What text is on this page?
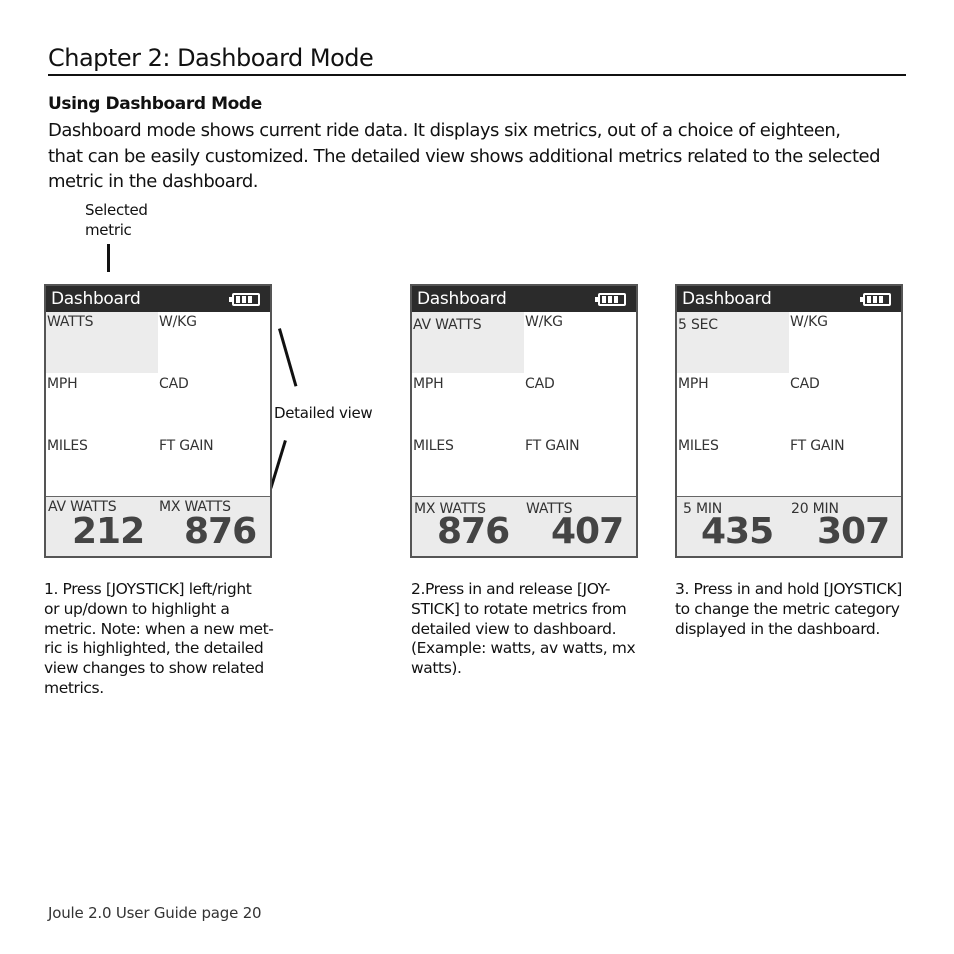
Chapter 2: Dashboard Mode
Using Dashboard Mode
Dashboard mode shows current ride data. It displays six metrics, out of a choice of eighteen,
that can be easily customized. The detailed view shows additional metrics related to the selected
metric in the dashboard.
Selected
metric
Detailed view
Dashboard
WATTS	W/KG
MPH	CAD
MILES	FT GAIN
AV WATTS
212
MX WATTS
876
Dashboard
AV WATTS	W/KG
MPH	CAD
MILES	FT GAIN
MX WATTS
876
WATTS
407
Dashboard
5 SEC	W/KG
MPH	CAD
MILES	FT GAIN
5 MIN
435
20 MIN
307
1. Press [JOYSTICK] left/right
or up/down to highlight a
metric. Note: when a new met-
ric is highlighted, the detailed
view changes to show related
metrics.
2.Press in and release [JOY-
STICK] to rotate metrics from
detailed view to dashboard.
(Example: watts, av watts, mx
watts).
3. Press in and hold [JOYSTICK]
to change the metric category
displayed in the dashboard.
Joule 2.0 User Guide page 20
